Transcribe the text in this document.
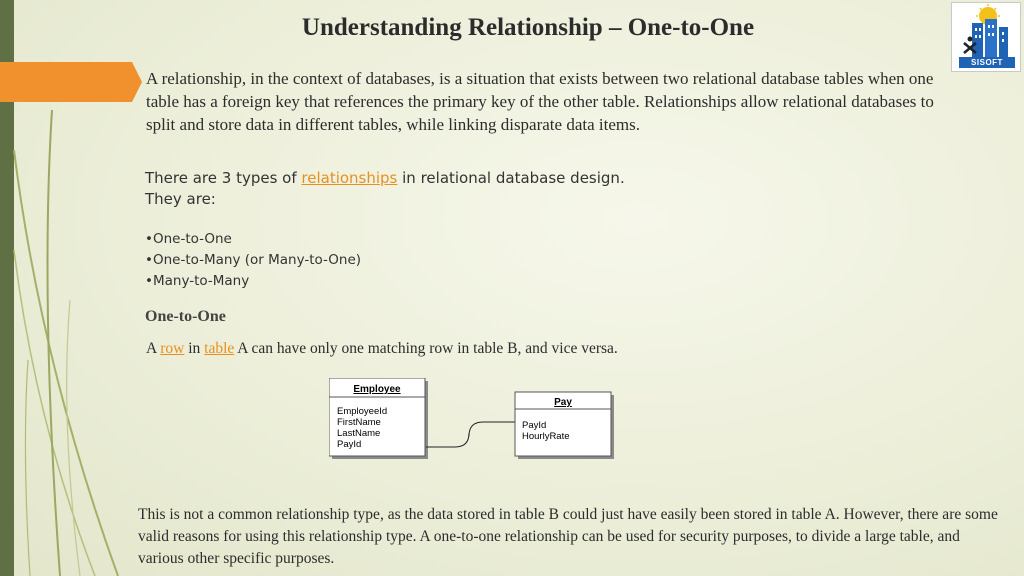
Understanding Relationship – One-to-One
SISOFT

A relationship, in the context of databases, is a situation that exists between two relational database tables when one table has a foreign key that references the primary key of the other table. Relationships allow relational databases to split and store data in different tables, while linking disparate data items.

There are 3 types of relationships in relational database design.
They are:
•One-to-One
•One-to-Many (or Many-to-One)
•Many-to-Many
One-to-One
A row in table A can have only one matching row in table B, and vice versa.
Employee
EmployeeId
FirstName
LastName
PayId
Pay
PayId
HourlyRate

This is not a common relationship type, as the data stored in table B could just have easily been stored in table A. However, there are some valid reasons for using this relationship type. A one-to-one relationship can be used for security purposes, to divide a large table, and various other specific purposes.
